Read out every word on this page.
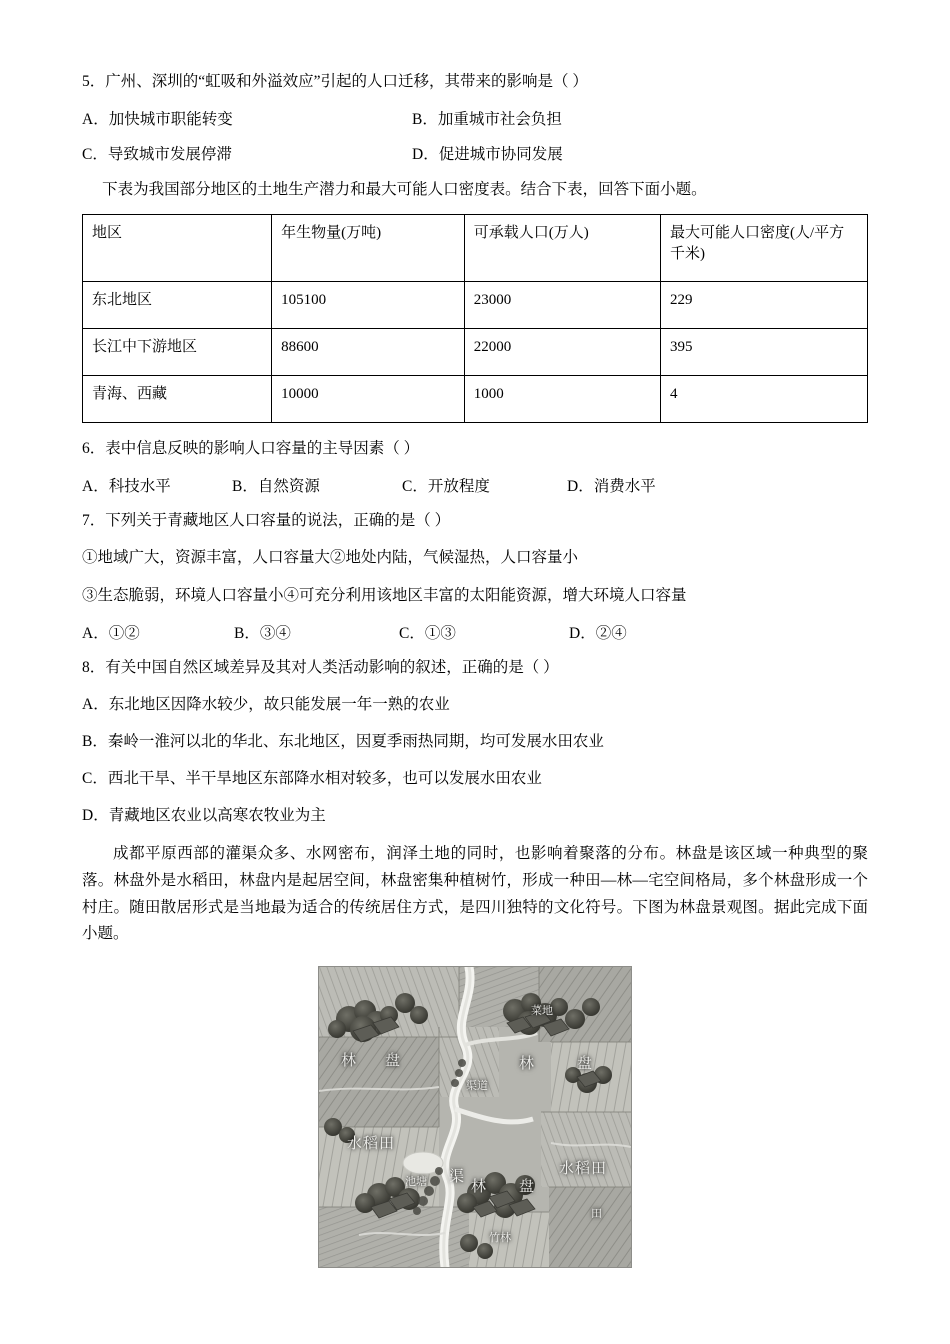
5．广州、深圳的“虹吸和外溢效应”引起的人口迁移，其带来的影响是（ ）
A．加快城市职能转变	B．加重城市社会负担
C．导致城市发展停滞	D．促进城市协同发展
下表为我国部分地区的土地生产潜力和最大可能人口密度表。结合下表，回答下面小题。
地区	年生物量(万吨)	可承载人口(万人)	最大可能人口密度(人/平方千米)
东北地区	105100	23000	229
长江中下游地区	88600	22000	395
青海、西藏	10000	1000	4
6．表中信息反映的影响人口容量的主导因素（ ）
A．科技水平	B．自然资源	C．开放程度	D．消费水平
7．下列关于青藏地区人口容量的说法，正确的是（ ）
①地域广大，资源丰富，人口容量大②地处内陆，气候湿热，人口容量小
③生态脆弱，环境人口容量小④可充分利用该地区丰富的太阳能资源，增大环境人口容量
A．①②	B．③④	C．①③	D．②④
8．有关中国自然区域差异及其对人类活动影响的叙述，正确的是（ ）
A．东北地区因降水较少，故只能发展一年一熟的农业
B．秦岭一淮河以北的华北、东北地区，因夏季雨热同期，均可发展水田农业
C．西北干旱、半干旱地区东部降水相对较多，也可以发展水田农业
D．青藏地区农业以高寒农牧业为主
成都平原西部的灌渠众多、水网密布，润泽土地的同时，也影响着聚落的分布。林盘是该区域一种典型的聚落。林盘外是水稻田，林盘内是起居空间，林盘密集种植树竹，形成一种田—林—宅空间格局，多个林盘形成一个村庄。随田散居形式是当地最为适合的传统居住方式，是四川独特的文化符号。下图为林盘景观图。据此完成下面小题。
林 盘	林	盘
水稻田
渠
林 盘
水稻田
池塘
渠道
菜地
竹林
田
